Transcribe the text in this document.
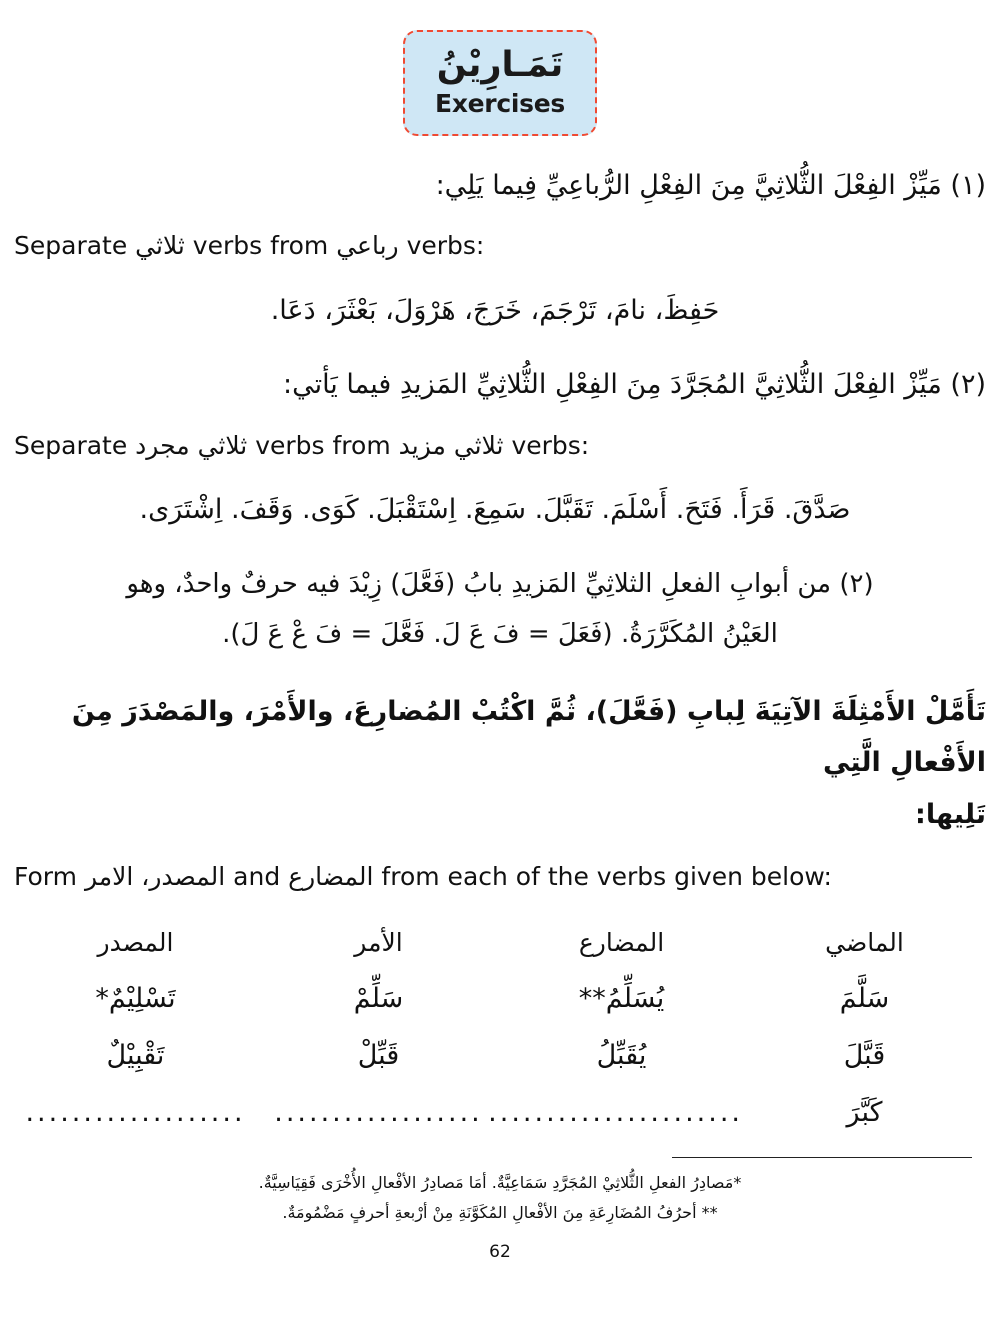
تَمَـارِيْنُ
Exercises
(١) مَيِّزْ الفِعْلَ الثُّلاثِيَّ مِنَ الفِعْلِ الرُّباعِيِّ فِيما يَلِي:
Separate ثلاثي verbs from رباعي verbs:
حَفِظَ، نامَ، تَرْجَمَ، خَرَجَ، هَرْوَلَ، بَعْثَرَ، دَعَا.
(٢) مَيِّزْ الفِعْلَ الثُّلاثِيَّ المُجَرَّدَ مِنَ الفِعْلِ الثُّلاثِيِّ المَزيدِ فيما يَأتي:
Separate ثلاثي مجرد verbs from ثلاثي مزيد verbs:
صَدَّقَ. قَرَأَ. فَتَحَ. أَسْلَمَ. تَقَبَّلَ. سَمِعَ. اِسْتَقْبَلَ. كَوَى. وَقَفَ. اِشْتَرَى.
(٢) من أبوابِ الفعلِ الثلاثِيِّ المَزيدِ بابُ (فَعَّلَ) زِيْدَ فيه حرفٌ واحدٌ، وهو
العَيْنُ المُكَرَّرَةُ. (فَعَلَ = فَ عَ لَ. فَعَّلَ = فَ عْ عَ لَ).
تَأَمَّلْ الأَمْثِلَةَ الآتِيَةَ لِبابِ (فَعَّلَ)، ثُمَّ اكْتُبْ المُضارِعَ، والأَمْرَ، والمَصْدَرَ مِنَ الأَفْعالِ الَّتِي
تَلِيها:
Form المصدر، الامر and المضارع from each of the verbs given below:
الماضي	المضارع	الأمر	المصدر
سَلَّمَ	يُسَلِّمُ**	سَلِّمْ	تَسْلِيْمٌ*
قَبَّلَ	يُقَبِّلُ	قَبِّلْ	تَقْبِيْلٌ
كَبَّرَ	......................	..................	...................
*مَصادِرُ الفعلِ الثُّلاثِيْ المُجَرَّدِ سَمَاعِيَّةٌ. أمَا مَصادِرُ الأفْعالِ الأُخْرَى فَقِيَاسِيَّةٌ.
** أحرُفُ المُضَارِعَةِ مِنَ الأفْعالِ المُكَوَّنَةِ مِنْ أرْبعةِ أحرفٍ مَضْمُومَةٌ.
62
